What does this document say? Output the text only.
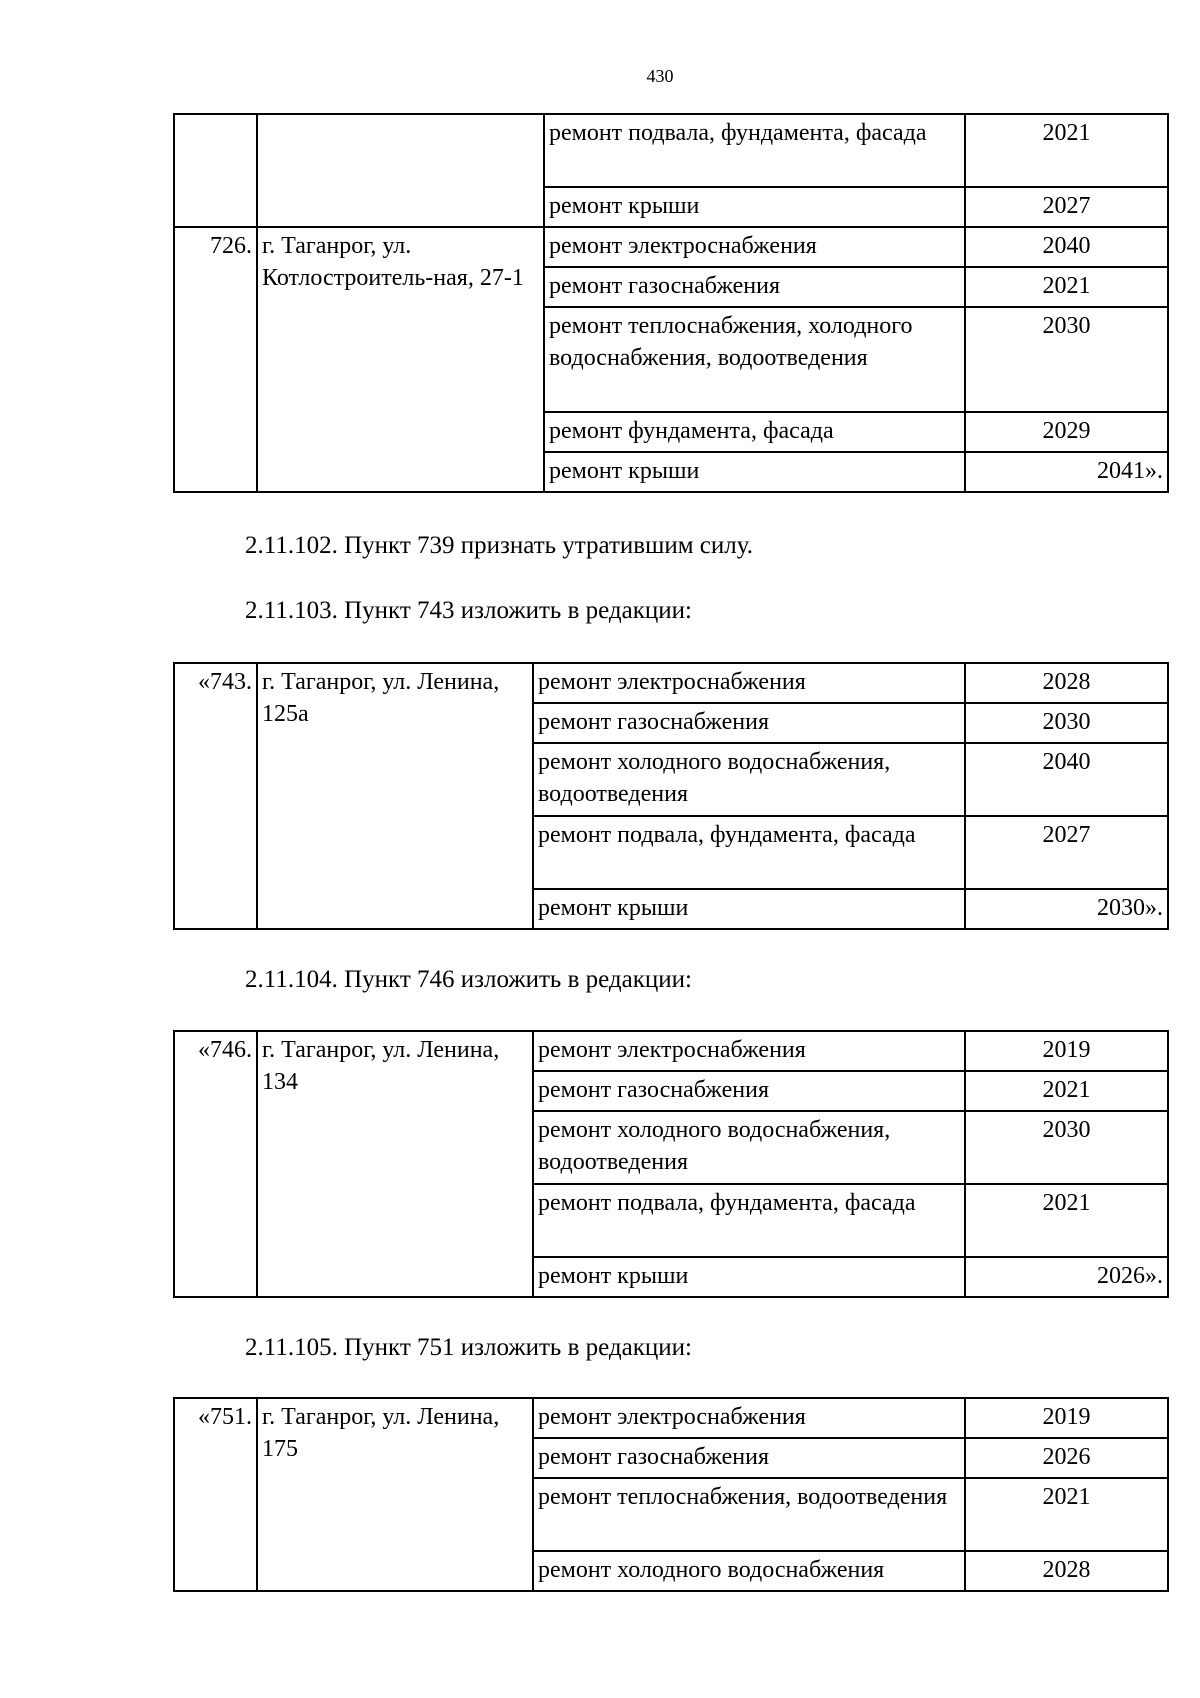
430
		ремонт подвала, фундамента, фасада	2021
		ремонт крыши	2027
726.	г. Таганрог, ул. Котлостроитель-ная, 27-1	ремонт электроснабжения	2040
		ремонт газоснабжения	2021
		ремонт теплоснабжения, холодного водоснабжения, водоотведения	2030
		ремонт фундамента, фасада	2029
		ремонт крыши	2041».
2.11.102. Пункт 739 признать утратившим силу.
2.11.103. Пункт 743 изложить в редакции:
«743.	г. Таганрог, ул. Ленина, 125а	ремонт электроснабжения	2028
		ремонт газоснабжения	2030
		ремонт холодного водоснабжения, водоотведения	2040
		ремонт подвала, фундамента, фасада	2027
		ремонт крыши	2030».
2.11.104. Пункт 746 изложить в редакции:
«746.	г. Таганрог, ул. Ленина, 134	ремонт электроснабжения	2019
		ремонт газоснабжения	2021
		ремонт холодного водоснабжения, водоотведения	2030
		ремонт подвала, фундамента, фасада	2021
		ремонт крыши	2026».
2.11.105. Пункт 751 изложить в редакции:
«751.	г. Таганрог, ул. Ленина, 175	ремонт электроснабжения	2019
		ремонт газоснабжения	2026
		ремонт теплоснабжения, водоотведения	2021
		ремонт холодного водоснабжения	2028
